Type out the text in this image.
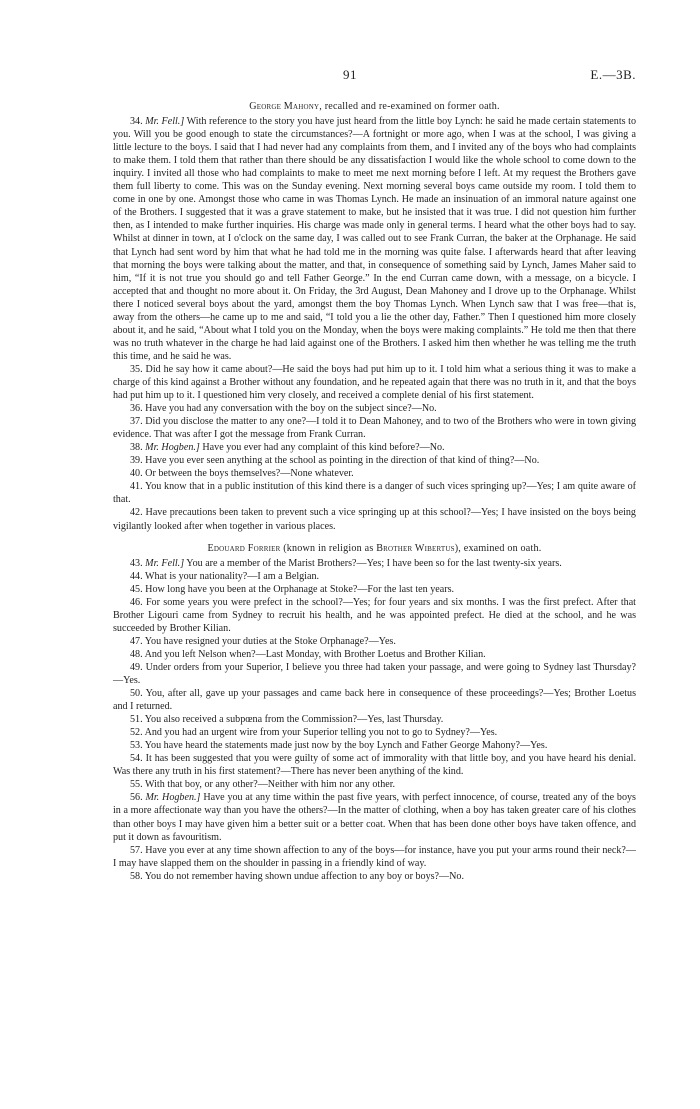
91	E.—3B.
George Mahony, recalled and re-examined on former oath.

34. Mr. Fell.] With reference to the story you have just heard from the little boy Lynch: he said he made certain statements to you. Will you be good enough to state the circumstances?—A fortnight or more ago, when I was at the school, I was giving a little lecture to the boys. I said that I had never had any complaints from them, and I invited any of the boys who had complaints to make them. I told them that rather than there should be any dissatisfaction I would like the whole school to come down to the inquiry. I invited all those who had complaints to make to meet me next morning before I left. At my request the Brothers gave them full liberty to come. This was on the Sunday evening. Next morning several boys came outside my room. I told them to come in one by one. Amongst those who came in was Thomas Lynch. He made an insinuation of an immoral nature against one of the Brothers. I suggested that it was a grave statement to make, but he insisted that it was true. I did not question him further then, as I intended to make further inquiries. His charge was made only in general terms. I heard what the other boys had to say. Whilst at dinner in town, at I o'clock on the same day, I was called out to see Frank Curran, the baker at the Orphanage. He said that Lynch had sent word by him that what he had told me in the morning was quite false. I afterwards heard that after leaving that morning the boys were talking about the matter, and that, in consequence of something said by Lynch, James Maher said to him, “If it is not true you should go and tell Father George.” In the end Curran came down, with a message, on a bicycle. I accepted that and thought no more about it. On Friday, the 3rd August, Dean Mahoney and I drove up to the Orphanage. Whilst there I noticed several boys about the yard, amongst them the boy Thomas Lynch. When Lynch saw that I was free—that is, away from the others—he came up to me and said, “I told you a lie the other day, Father.” Then I questioned him more closely about it, and he said, “About what I told you on the Monday, when the boys were making complaints.” He told me then that there was no truth whatever in the charge he had laid against one of the Brothers. I asked him then whether he was telling me the truth this time, and he said he was.

35. Did he say how it came about?—He said the boys had put him up to it. I told him what a serious thing it was to make a charge of this kind against a Brother without any foundation, and he repeated again that there was no truth in it, and that the boys had put him up to it. I questioned him very closely, and received a complete denial of his first statement.

36. Have you had any conversation with the boy on the subject since?—No.

37. Did you disclose the matter to any one?—I told it to Dean Mahoney, and to two of the Brothers who were in town giving evidence. That was after I got the message from Frank Curran.

38. Mr. Hogben.] Have you ever had any complaint of this kind before?—No.

39. Have you ever seen anything at the school as pointing in the direction of that kind of thing?—No.

40. Or between the boys themselves?—None whatever.

41. You know that in a public institution of this kind there is a danger of such vices springing up?—Yes; I am quite aware of that.

42. Have precautions been taken to prevent such a vice springing up at this school?—Yes; I have insisted on the boys being vigilantly looked after when together in various places.

Edouard Forrier (known in religion as Brother Wibertus), examined on oath.

43. Mr. Fell.] You are a member of the Marist Brothers?—Yes; I have been so for the last twenty-six years.

44. What is your nationality?—I am a Belgian.

45. How long have you been at the Orphanage at Stoke?—For the last ten years.

46. For some years you were prefect in the school?—Yes; for four years and six months. I was the first prefect. After that Brother Ligouri came from Sydney to recruit his health, and he was appointed prefect. He died at the school, and he was succeeded by Brother Kilian.

47. You have resigned your duties at the Stoke Orphanage?—Yes.

48. And you left Nelson when?—Last Monday, with Brother Loetus and Brother Kilian.

49. Under orders from your Superior, I believe you three had taken your passage, and were going to Sydney last Thursday?—Yes.

50. You, after all, gave up your passages and came back here in consequence of these proceedings?—Yes; Brother Loetus and I returned.

51. You also received a subpœna from the Commission?—Yes, last Thursday.

52. And you had an urgent wire from your Superior telling you not to go to Sydney?—Yes.

53. You have heard the statements made just now by the boy Lynch and Father George Mahony?—Yes.

54. It has been suggested that you were guilty of some act of immorality with that little boy, and you have heard his denial. Was there any truth in his first statement?—There has never been anything of the kind.

55. With that boy, or any other?—Neither with him nor any other.

56. Mr. Hogben.] Have you at any time within the past five years, with perfect innocence, of course, treated any of the boys in a more affectionate way than you have the others?—In the matter of clothing, when a boy has taken greater care of his clothes than other boys I may have given him a better suit or a better coat. When that has been done other boys have taken offence, and put it down as favouritism.

57. Have you ever at any time shown affection to any of the boys—for instance, have you put your arms round their neck?—I may have slapped them on the shoulder in passing in a friendly kind of way.

58. You do not remember having shown undue affection to any boy or boys?—No.
